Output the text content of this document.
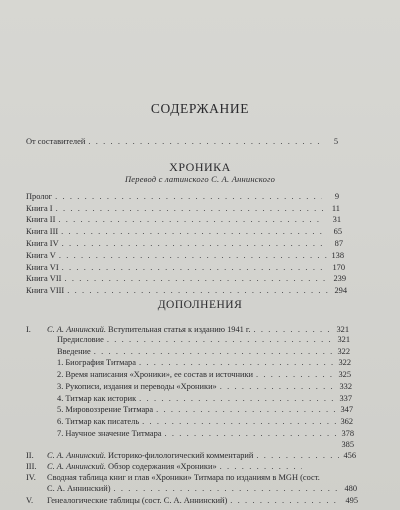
СОДЕРЖАНИЕ
От составителей . . .	5
ХРОНИКА
Перевод с латинского С. А. Аннинского
Пролог . . .	9
Книга I . . .	11
Книга II . . .	31
Книга III . . .	65
Книга IV . . .	87
Книга V . . .	138
Книга VI . . .	170
Книга VII . . .	239
Книга VIII . . .	294
ДОПОЛНЕНИЯ
I. С. А. Аннинский. Вступительная статья к изданию 1941 г. . . .	321
Предисловие . . .	321
Введение . . .	322
1. Биография Титмара . . .	322
2. Время написания «Хроники», ее состав и источники . . .	325
3. Рукописи, издания и переводы «Хроники» . . .	332
4. Титмар как историк . . .	337
5. Мировоззрение Титмара . . .	347
6. Титмар как писатель . . .	362
7. Научное значение Титмара . . .	378
385
II. С. А. Аннинский. Историко-филологический комментарий . . .	456
III. С. А. Аннинский. Обзор содержания «Хроники»
. . .
IV. Сводная таблица книг и глав «Хроники» Титмара по изданиям в MGH (сост.
С. А. Аннинский) . . .	480
V. Генеалогические таблицы (сост. С. А. Аннинский) . . .	495
